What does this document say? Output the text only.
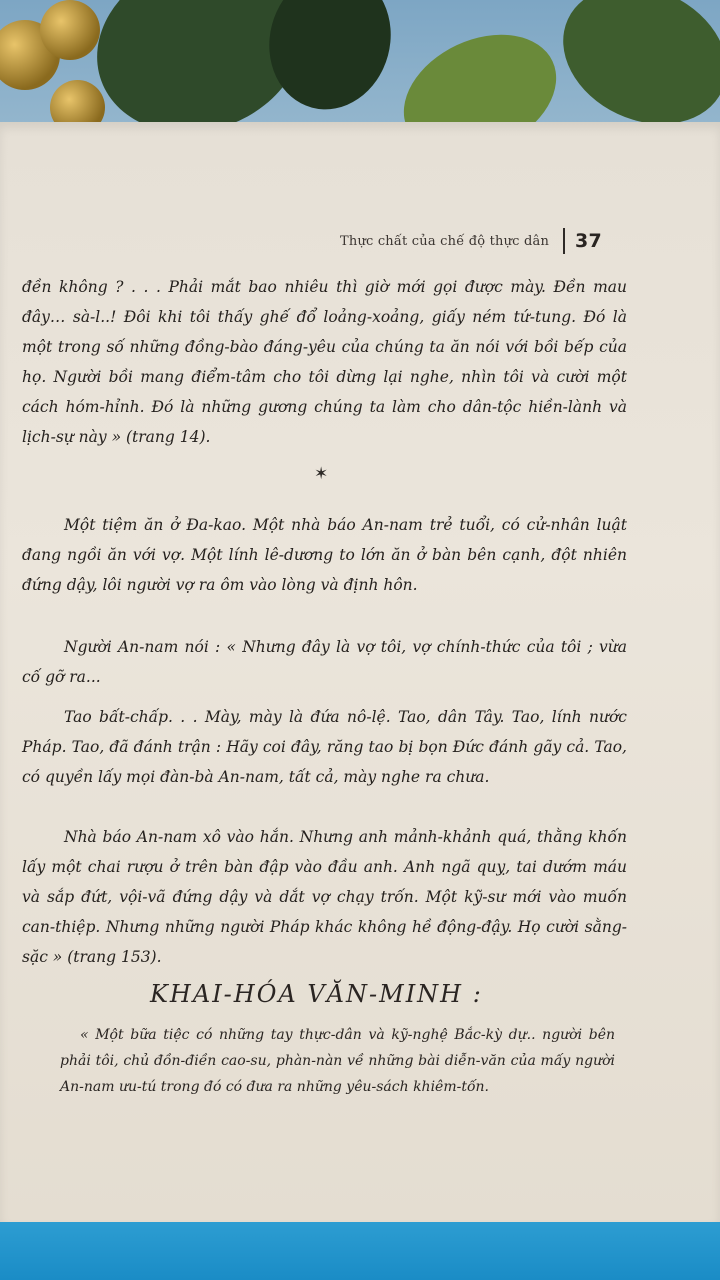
Thực chất của chế độ thực dân 37

đền không ? . . . Phải mắt bao nhiêu thì giờ mới gọi được mày. Đền mau đây… sà-l..! Đôi khi tôi thấy ghế đổ loảng-xoảng, giấy ném tứ-tung. Đó là một trong số những đồng-bào đáng-yêu của chúng ta ăn nói với bồi bếp của họ. Người bồi mang điểm-tâm cho tôi dừng lại nghe, nhìn tôi và cười một cách hóm-hỉnh. Đó là những gương chúng ta làm cho dân-tộc hiền-lành và lịch-sự này » (trang 14).

✶

Một tiệm ăn ở Đa-kao. Một nhà báo An-nam trẻ tuổi, có cử-nhân luật đang ngồi ăn với vợ. Một lính lê-dương to lớn ăn ở bàn bên cạnh, đột nhiên đứng dậy, lôi người vợ ra ôm vào lòng và định hôn.

Người An-nam nói : « Nhưng đây là vợ tôi, vợ chính-thức của tôi ; vừa cố gỡ ra...

Tao bất-chấp. . . Mày, mày là đứa nô-lệ. Tao, dân Tây. Tao, lính nước Pháp. Tao, đã đánh trận : Hãy coi đây, răng tao bị bọn Đức đánh gãy cả. Tao, có quyền lấy mọi đàn-bà An-nam, tất cả, mày nghe ra chưa.

Nhà báo An-nam xô vào hắn. Nhưng anh mảnh-khảnh quá, thằng khốn lấy một chai rượu ở trên bàn đập vào đầu anh. Anh ngã quỵ, tai dướm máu và sắp đứt, vội-vã đứng dậy và dắt vợ chạy trốn. Một kỹ-sư mới vào muốn can-thiệp. Nhưng những người Pháp khác không hề động-đậy. Họ cười sằng-sặc » (trang 153).

KHAI-HÓA VĂN-MINH :

« Một bữa tiệc có những tay thực-dân và kỹ-nghệ Bắc-kỳ dự.. người bên phải tôi, chủ đồn-điền cao-su, phàn-nàn về những bài diễn-văn của mấy người An-nam ưu-tú trong đó có đưa ra những yêu-sách khiêm-tốn.
